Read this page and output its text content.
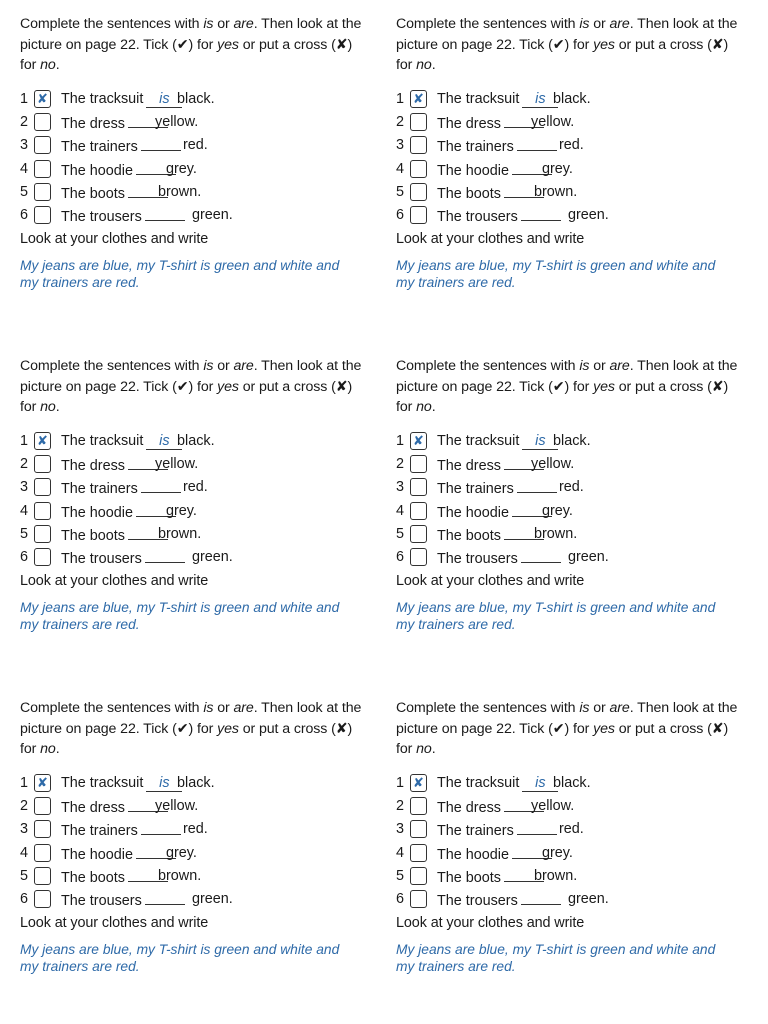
Complete the sentences with is or are. Then look at the picture on page 22. Tick (✔) for yes or put a cross (✘) for no.

1 ✘ The tracksuit is black.
2 The dress	yellow.
3 The trainers	red.
4 The hoodie	grey.
5 The boots	brown.
6 The trousers	green.

Look at your clothes and write

My jeans are blue, my T-shirt is green and white and my trainers are red.

Complete the sentences with is or are. Then look at the picture on page 22. Tick (✔) for yes or put a cross (✘) for no.

1 ✘ The tracksuit is black.
2 The dress	yellow.
3 The trainers	red.
4 The hoodie	grey.
5 The boots	brown.
6 The trousers	green.

Look at your clothes and write

My jeans are blue, my T-shirt is green and white and my trainers are red.

Complete the sentences with is or are. Then look at the picture on page 22. Tick (✔) for yes or put a cross (✘) for no.

1 ✘ The tracksuit is black.
2 The dress	yellow.
3 The trainers	red.
4 The hoodie	grey.
5 The boots	brown.
6 The trousers	green.

Look at your clothes and write

My jeans are blue, my T-shirt is green and white and my trainers are red.

Complete the sentences with is or are. Then look at the picture on page 22. Tick (✔) for yes or put a cross (✘) for no.

1 ✘ The tracksuit is black.
2 The dress	yellow.
3 The trainers	red.
4 The hoodie	grey.
5 The boots	brown.
6 The trousers	green.

Look at your clothes and write

My jeans are blue, my T-shirt is green and white and my trainers are red.

Complete the sentences with is or are. Then look at the picture on page 22. Tick (✔) for yes or put a cross (✘) for no.

1 ✘ The tracksuit is black.
2 The dress	yellow.
3 The trainers	red.
4 The hoodie	grey.
5 The boots	brown.
6 The trousers	green.

Look at your clothes and write

My jeans are blue, my T-shirt is green and white and my trainers are red.

Complete the sentences with is or are. Then look at the picture on page 22. Tick (✔) for yes or put a cross (✘) for no.

1 ✘ The tracksuit is black.
2 The dress	yellow.
3 The trainers	red.
4 The hoodie	grey.
5 The boots	brown.
6 The trousers	green.

Look at your clothes and write

My jeans are blue, my T-shirt is green and white and my trainers are red.
